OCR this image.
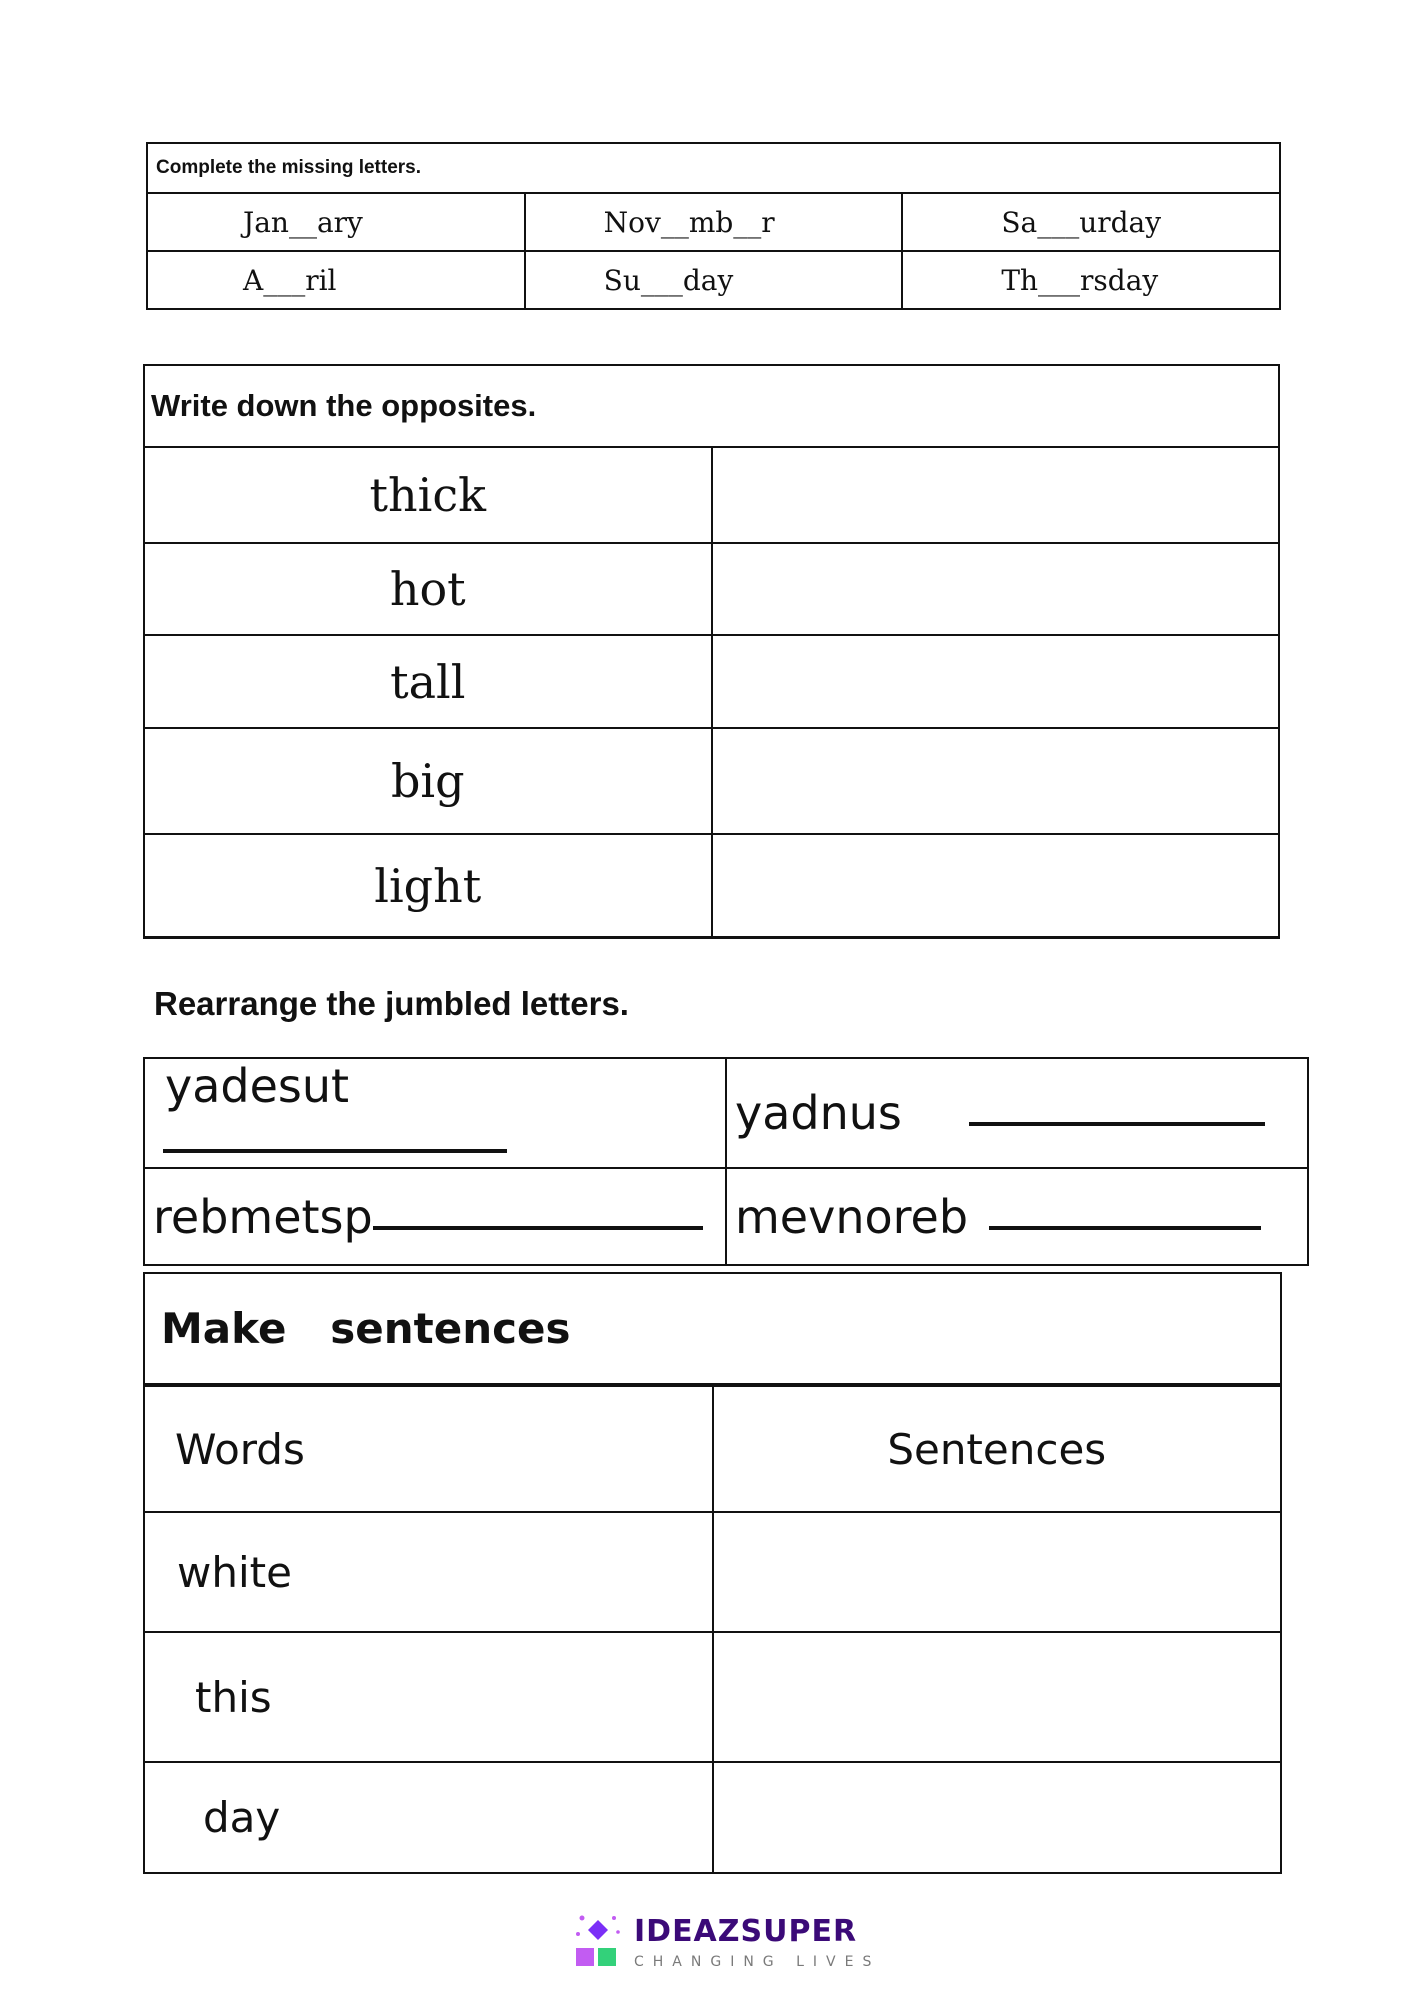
Complete the missing letters.		
Jan__ary	Nov__mb__r	Sa___urday
A___ril	Su___day	Th___rsday
Write down the opposites.	
thick	
hot	
tall	
big	
light	
Rearrange the jumbled letters.
yadesut	yadnus
rebmetsp	mevnoreb
Make   sentences	
Words	Sentences
white	
this	
day	
IDEAZSUPER
CHANGING LIVES
